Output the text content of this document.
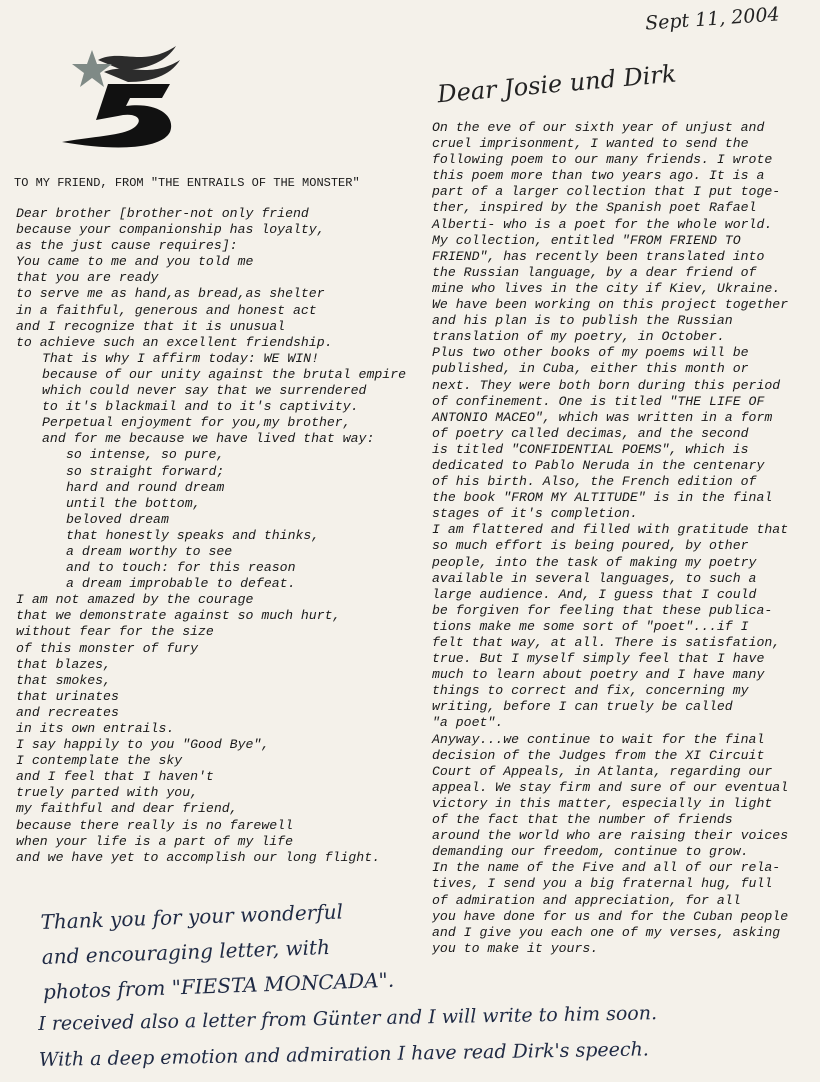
Sept 11, 2004

Dear Josie und Dirk

TO MY FRIEND, FROM "THE ENTRAILS OF THE MONSTER"

Dear brother [brother-not only friend
because your companionship has loyalty,
as the just cause requires]:
You came to me and you told me
that you are ready
to serve me as hand,as bread,as shelter
in a faithful, generous and honest act
and I recognize that it is unusual
to achieve such an excellent friendship.
That is why I affirm today: WE WIN!
because of our unity against the brutal empire
which could never say that we surrendered
to it's blackmail and to it's captivity.
Perpetual enjoyment for you,my brother,
and for me because we have lived that way:
so intense, so pure,
so straight forward;
hard and round dream
until the bottom,
beloved dream
that honestly speaks and thinks,
a dream worthy to see
and to touch: for this reason
a dream improbable to defeat.
I am not amazed by the courage
that we demonstrate against so much hurt,
without fear for the size
of this monster of fury
that blazes,
that smokes,
that urinates
and recreates
in its own entrails.
I say happily to you "Good Bye",
I contemplate the sky
and I feel that I haven't
truely parted with you,
my faithful and dear friend,
because there really is no farewell
when your life is a part of my life
and we have yet to accomplish our long flight.
On the eve of our sixth year of unjust and
cruel imprisonment, I wanted to send the
following poem to our many friends. I wrote
this poem more than two years ago. It is a
part of a larger collection that I put toge-
ther, inspired by the Spanish poet Rafael
Alberti- who is a poet for the whole world.
My collection, entitled "FROM FRIEND TO
FRIEND", has recently been translated into
the Russian language, by a dear friend of
mine who lives in the city if Kiev, Ukraine.
We have been working on this project together
and his plan is to publish the Russian
translation of my poetry, in October.
Plus two other books of my poems will be
published, in Cuba, either this month or
next. They were both born during this period
of confinement. One is titled "THE LIFE OF
ANTONIO MACEO", which was written in a form
of poetry called decimas, and the second
is titled "CONFIDENTIAL POEMS", which is
dedicated to Pablo Neruda in the centenary
of his birth. Also, the French edition of
the book "FROM MY ALTITUDE" is in the final
stages of it's completion.
I am flattered and filled with gratitude that
so much effort is being poured, by other
people, into the task of making my poetry
available in several languages, to such a
large audience. And, I guess that I could
be forgiven for feeling that these publica-
tions make me some sort of "poet"...if I
felt that way, at all. There is satisfation,
true. But I myself simply feel that I have
much to learn about poetry and I have many
things to correct and fix, concerning my
writing, before I can truely be called
"a poet".
Anyway...we continue to wait for the final
decision of the Judges from the XI Circuit
Court of Appeals, in Atlanta, regarding our
appeal. We stay firm and sure of our eventual
victory in this matter, especially in light
of the fact that the number of friends
around the world who are raising their voices
demanding our freedom, continue to grow.
In the name of the Five and all of our rela-
tives, I send you a big fraternal hug, full
of admiration and appreciation, for all
you have done for us and for the Cuban people
and I give you each one of my verses, asking
you to make it yours.
Thank you for your wonderful
and encouraging letter, with
photos from "FIESTA MONCADA".
I received also a letter from Günter and I will write to him soon.
With a deep emotion and admiration I have read Dirk's speech.
